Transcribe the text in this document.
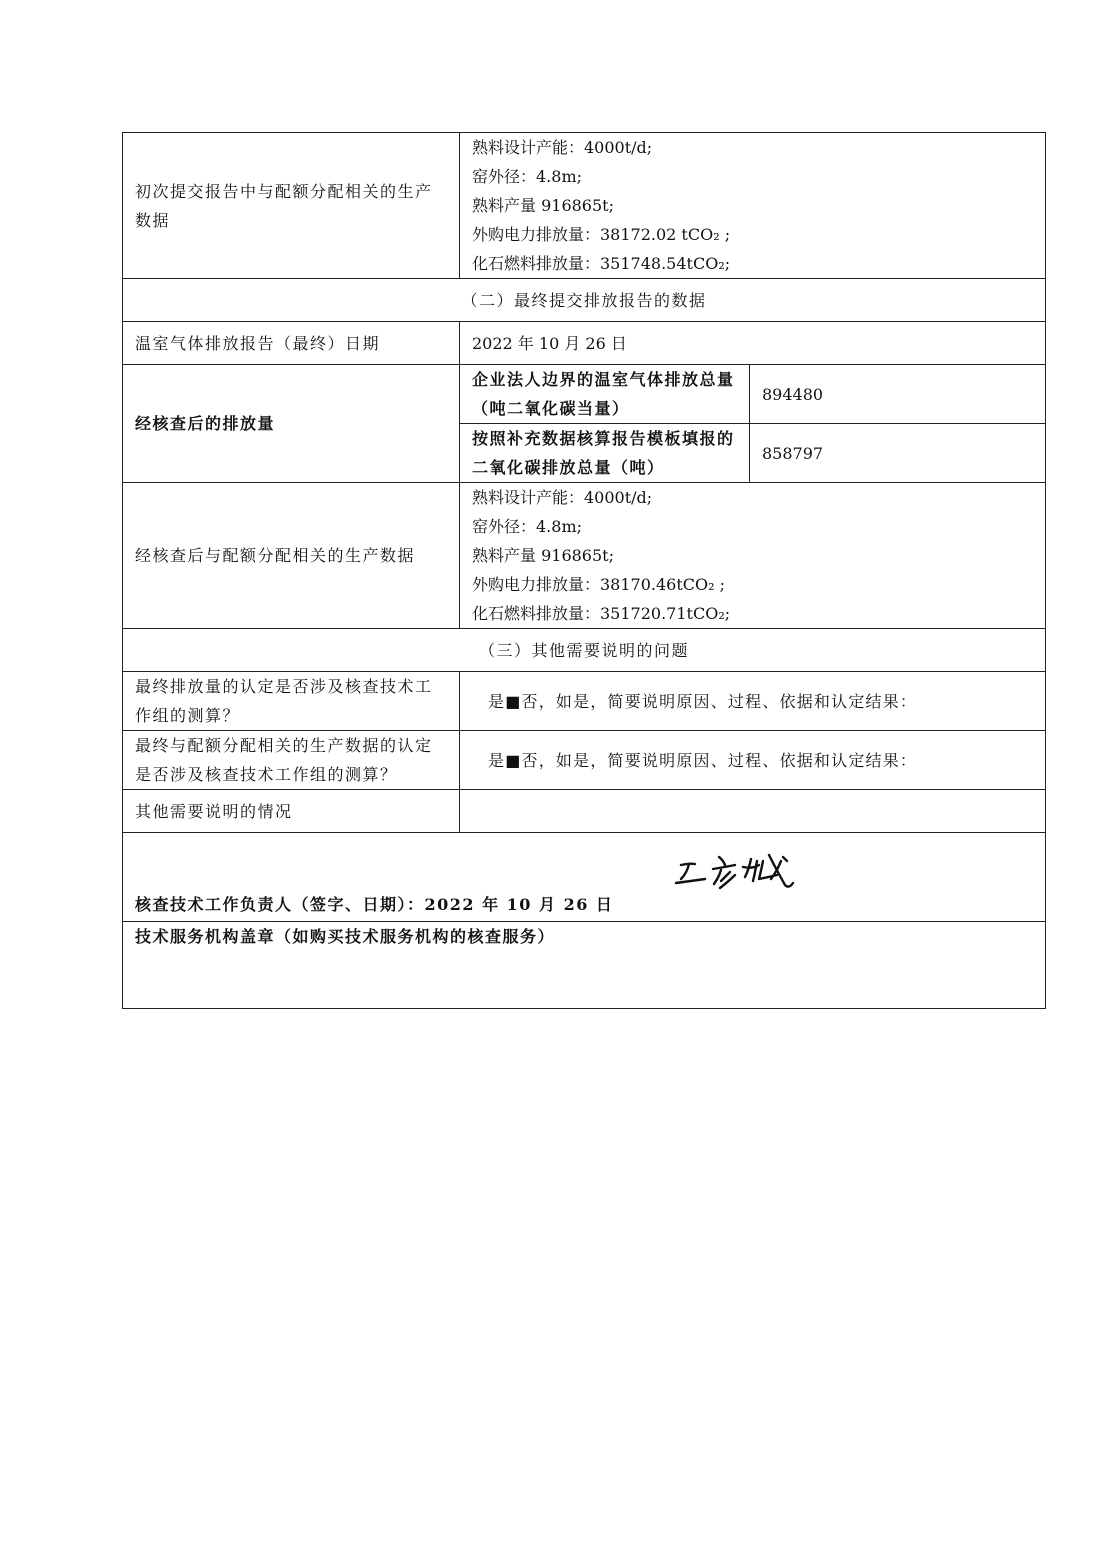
初次提交报告中与配额分配相关的生产数据	熟料设计产能：4000t/d;
窑外径：4.8m;
熟料产量 916865t;
外购电力排放量：38172.02 tCO₂ ;
化石燃料排放量：351748.54tCO₂;	

（二）最终提交排放报告的数据		
温室气体排放报告（最终）日期	2022 年 10 月 26 日	
经核查后的排放量	企业法人边界的温室气体排放总量（吨二氧化碳当量）	894480
	按照补充数据核算报告模板填报的二氧化碳排放总量（吨）	858797
经核查后与配额分配相关的生产数据	熟料设计产能：4000t/d;
窑外径：4.8m;
熟料产量 916865t;
外购电力排放量：38170.46tCO₂ ;
化石燃料排放量：351720.71tCO₂;	

（三）其他需要说明的问题		
最终排放量的认定是否涉及核查技术工作组的测算？	是■否，如是，简要说明原因、过程、依据和认定结果：	
最终与配额分配相关的生产数据的认定是否涉及核查技术工作组的测算？	是■否，如是，简要说明原因、过程、依据和认定结果：	
其他需要说明的情况		
核查技术工作负责人（签字、日期）：2022 年 10 月 26 日		

技术服务机构盖章（如购买技术服务机构的核查服务）		
